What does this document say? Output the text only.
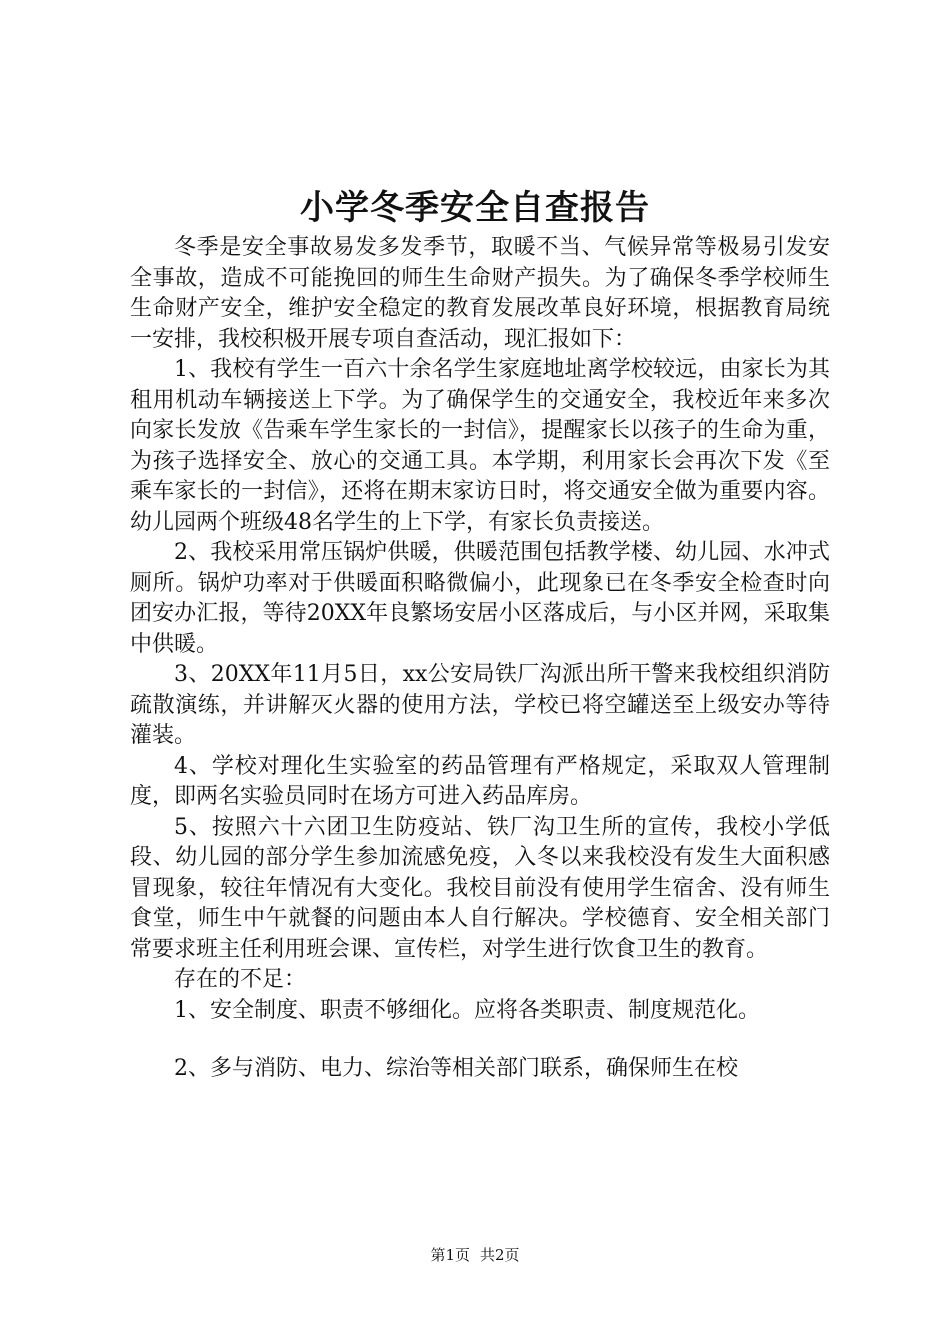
小学冬季安全自查报告

冬季是安全事故易发多发季节，取暖不当、气候异常等极易引发安全事故，造成不可能挽回的师生生命财产损失。为了确保冬季学校师生生命财产安全，维护安全稳定的教育发展改革良好环境，根据教育局统一安排，我校积极开展专项自查活动，现汇报如下：

1、我校有学生一百六十余名学生家庭地址离学校较远，由家长为其租用机动车辆接送上下学。为了确保学生的交通安全，我校近年来多次向家长发放《告乘车学生家长的一封信》，提醒家长以孩子的生命为重，为孩子选择安全、放心的交通工具。本学期，利用家长会再次下发《至乘车家长的一封信》，还将在期末家访日时，将交通安全做为重要内容。幼儿园两个班级48名学生的上下学，有家长负责接送。

2、我校采用常压锅炉供暖，供暖范围包括教学楼、幼儿园、水冲式厕所。锅炉功率对于供暖面积略微偏小，此现象已在冬季安全检查时向团安办汇报，等待20XX年良繁场安居小区落成后，与小区并网，采取集中供暖。

3、20XX年11月5日，xx公安局铁厂沟派出所干警来我校组织消防疏散演练，并讲解灭火器的使用方法，学校已将空罐送至上级安办等待灌装。

4、学校对理化生实验室的药品管理有严格规定，采取双人管理制度，即两名实验员同时在场方可进入药品库房。

5、按照六十六团卫生防疫站、铁厂沟卫生所的宣传，我校小学低段、幼儿园的部分学生参加流感免疫，入冬以来我校没有发生大面积感冒现象，较往年情况有大变化。我校目前没有使用学生宿舍、没有师生食堂，师生中午就餐的问题由本人自行解决。学校德育、安全相关部门常要求班主任利用班会课、宣传栏，对学生进行饮食卫生的教育。

存在的不足：

1、安全制度、职责不够细化。应将各类职责、制度规范化。

2、多与消防、电力、综治等相关部门联系，确保师生在校

第1页 共2页
